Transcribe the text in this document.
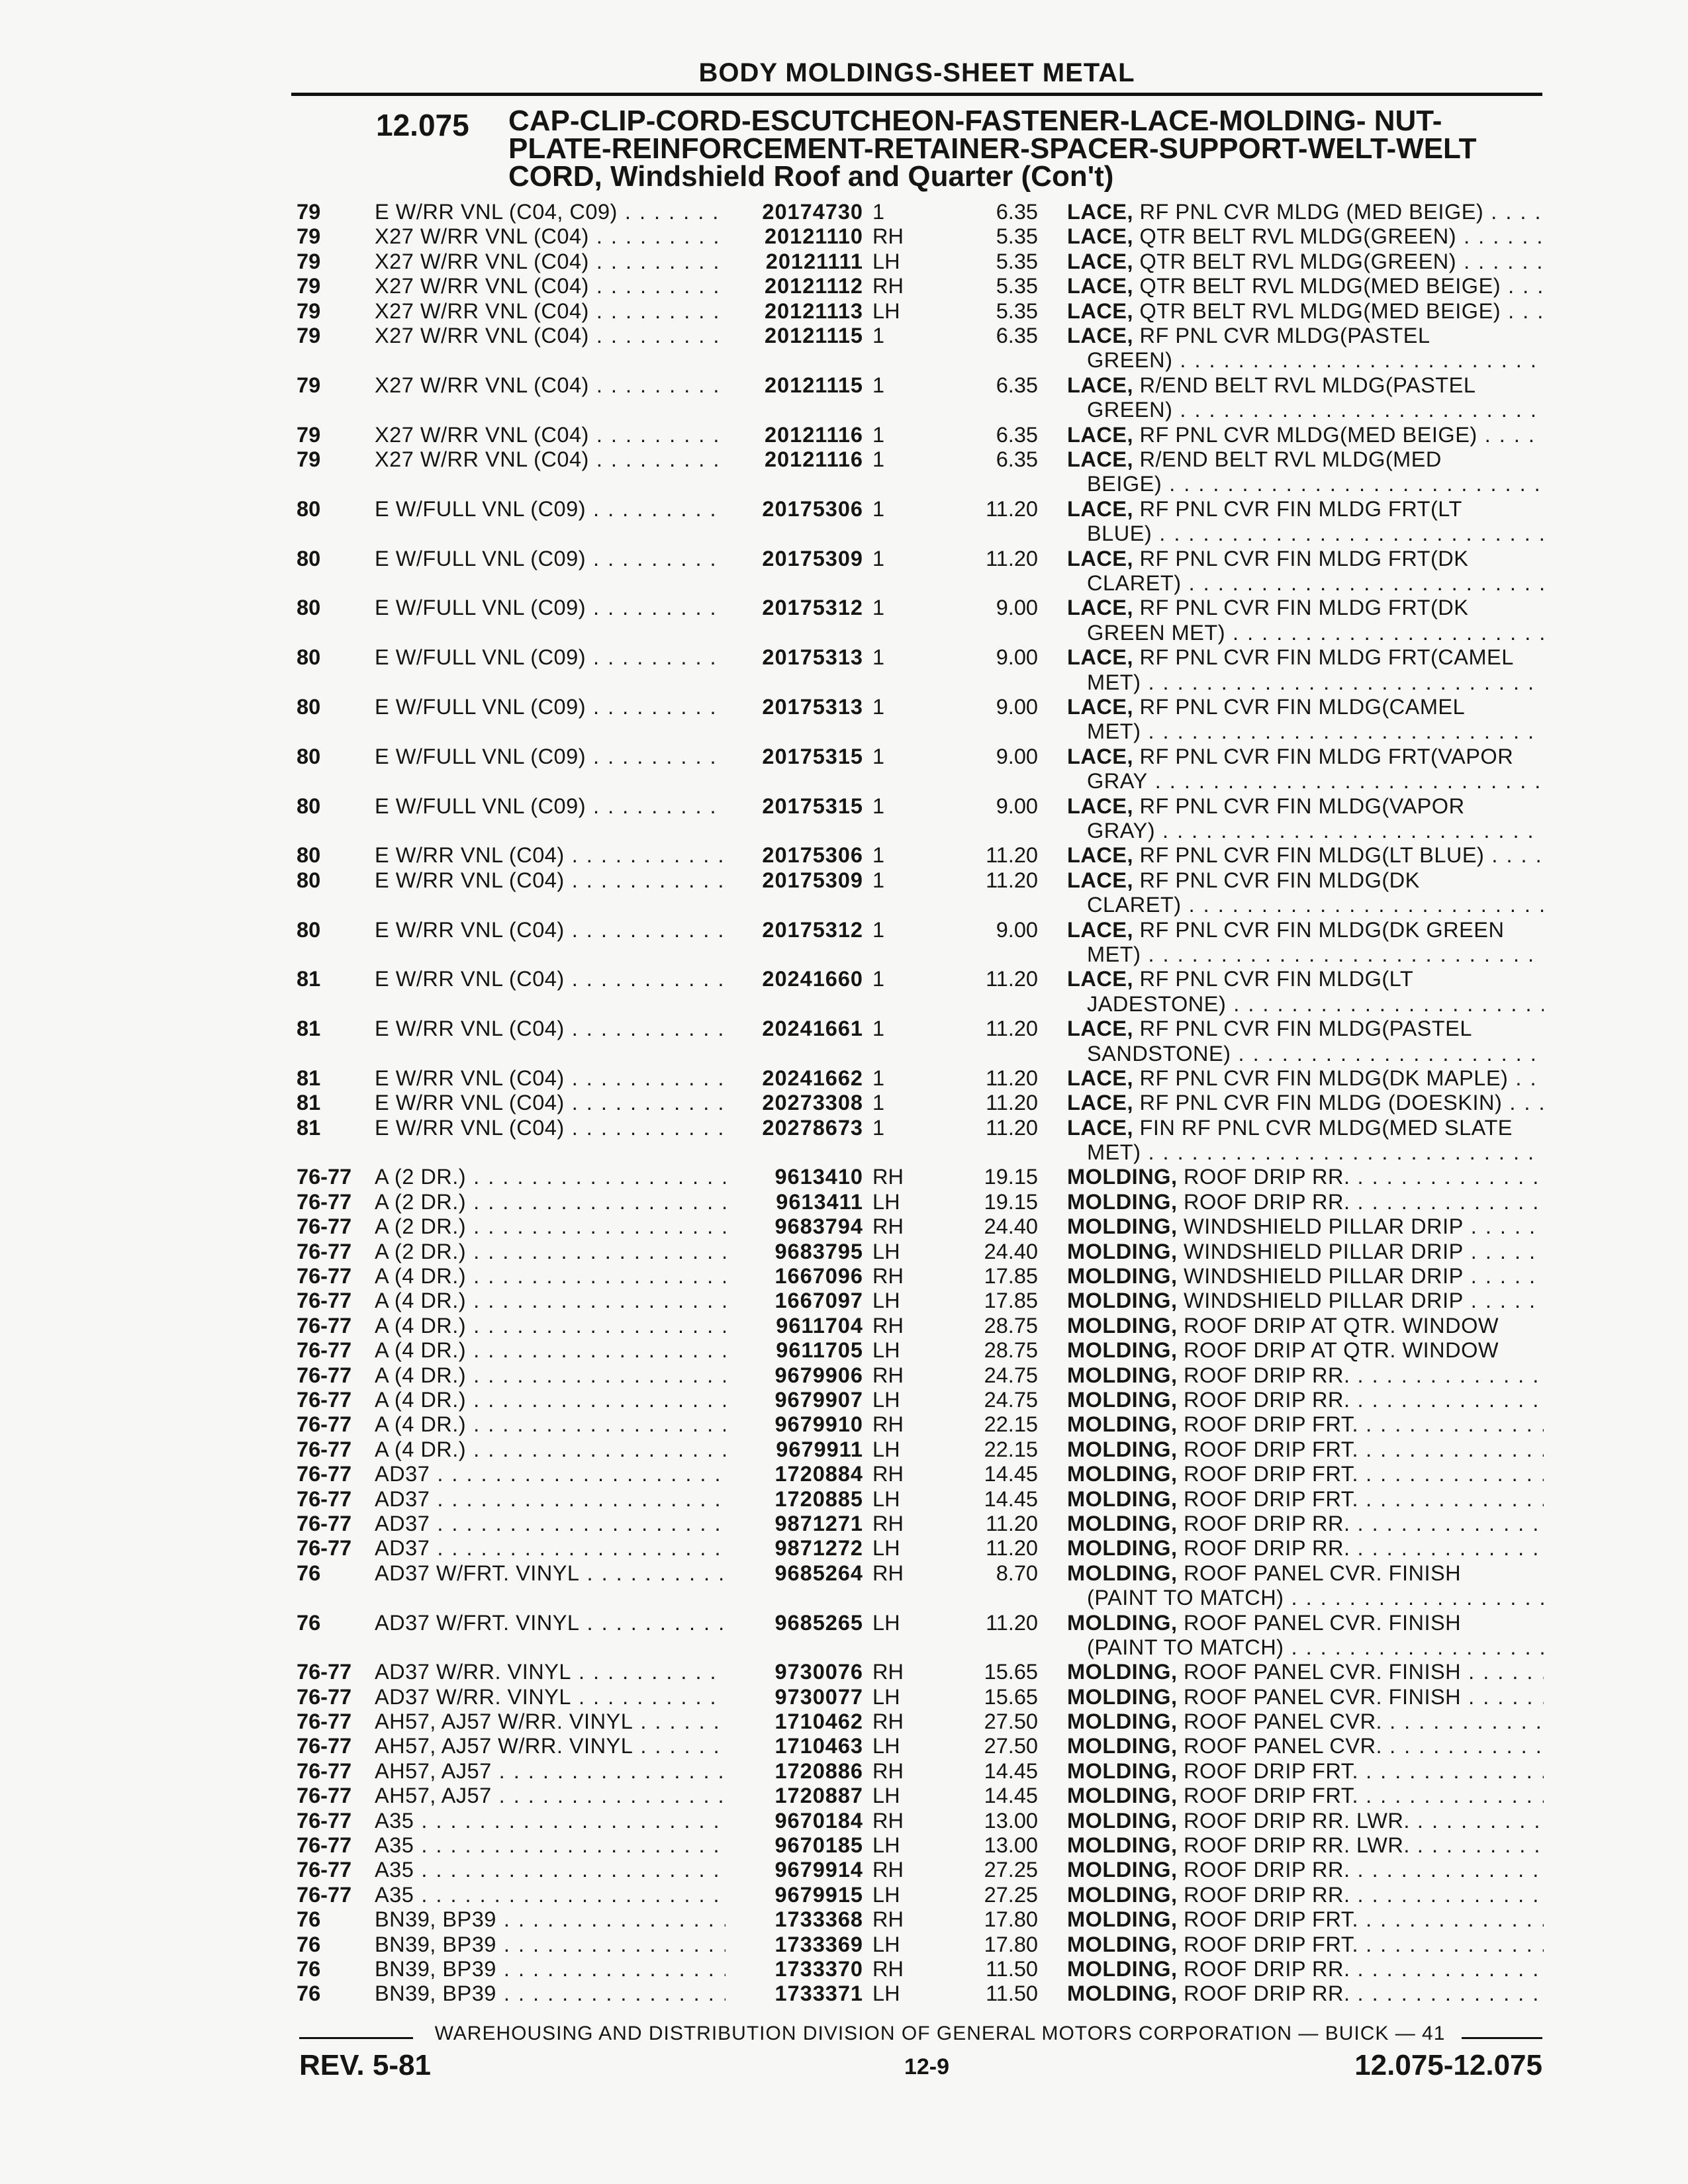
BODY MOLDINGS-SHEET METAL
12.075 CAP-CLIP-CORD-ESCUTCHEON-FASTENER-LACE-MOLDING- NUT-
PLATE-REINFORCEMENT-RETAINER-SPACER-SUPPORT-WELT-WELT
CORD, Windshield Roof and Quarter (Con't)
79	E W/RR VNL (C04, C09) . . .	20174730 1	6.35 LACE, RF PNL CVR MLDG (MED BEIGE) . . .
79	X27 W/RR VNL (C04) . . .	20121110 RH	5.35 LACE, QTR BELT RVL MLDG(GREEN) . . .
79	X27 W/RR VNL (C04) . . .	20121111 LH	5.35 LACE, QTR BELT RVL MLDG(GREEN) . . .
79	X27 W/RR VNL (C04) . . .	20121112 RH	5.35 LACE, QTR BELT RVL MLDG(MED BEIGE) . . .
79	X27 W/RR VNL (C04) . . .	20121113 LH	5.35 LACE, QTR BELT RVL MLDG(MED BEIGE) . . .
79	X27 W/RR VNL (C04) . . .	20121115 1	6.35 LACE, RF PNL CVR MLDG(PASTEL
GREEN) . . .
79	X27 W/RR VNL (C04) . . .	20121115 1	6.35 LACE, R/END BELT RVL MLDG(PASTEL
GREEN) . . .
79	X27 W/RR VNL (C04) . . .	20121116 1	6.35 LACE, RF PNL CVR MLDG(MED BEIGE) . . .
79	X27 W/RR VNL (C04) . . .	20121116 1	6.35 LACE, R/END BELT RVL MLDG(MED
BEIGE) . . .
80	E W/FULL VNL (C09) . . .	20175306 1	11.20 LACE, RF PNL CVR FIN MLDG FRT(LT
BLUE) . . .
80	E W/FULL VNL (C09) . . .	20175309 1	11.20 LACE, RF PNL CVR FIN MLDG FRT(DK
CLARET) . . .
80	E W/FULL VNL (C09) . . .	20175312 1	9.00 LACE, RF PNL CVR FIN MLDG FRT(DK
GREEN MET) . . .
80	E W/FULL VNL (C09) . . .	20175313 1	9.00 LACE, RF PNL CVR FIN MLDG FRT(CAMEL
MET) . . .
80	E W/FULL VNL (C09) . . .	20175313 1	9.00 LACE, RF PNL CVR FIN MLDG(CAMEL
MET) . . .
80	E W/FULL VNL (C09) . . .	20175315 1	9.00 LACE, RF PNL CVR FIN MLDG FRT(VAPOR
GRAY . . .
80	E W/FULL VNL (C09) . . .	20175315 1	9.00 LACE, RF PNL CVR FIN MLDG(VAPOR
GRAY) . . .
80	E W/RR VNL (C04) . . .	20175306 1	11.20 LACE, RF PNL CVR FIN MLDG(LT BLUE) . . .
80	E W/RR VNL (C04) . . .	20175309 1	11.20 LACE, RF PNL CVR FIN MLDG(DK
CLARET) . . .
80	E W/RR VNL (C04) . . .	20175312 1	9.00 LACE, RF PNL CVR FIN MLDG(DK GREEN
MET) . . .
81	E W/RR VNL (C04) . . .	20241660 1	11.20 LACE, RF PNL CVR FIN MLDG(LT
JADESTONE) . . .
81	E W/RR VNL (C04) . . .	20241661 1	11.20 LACE, RF PNL CVR FIN MLDG(PASTEL
SANDSTONE) . . .
81	E W/RR VNL (C04) . . .	20241662 1	11.20 LACE, RF PNL CVR FIN MLDG(DK MAPLE) . . .
81	E W/RR VNL (C04) . . .	20273308 1	11.20 LACE, RF PNL CVR FIN MLDG (DOESKIN) . . .
81	E W/RR VNL (C04) . . .	20278673 1	11.20 LACE, FIN RF PNL CVR MLDG(MED SLATE
MET) . . .
76-77 A (2 DR.) . . .	9613410 RH	19.15 MOLDING, ROOF DRIP RR. . . .
76-77 A (2 DR.) . . .	9613411 LH	19.15 MOLDING, ROOF DRIP RR. . . .
76-77 A (2 DR.) . . .	9683794 RH	24.40 MOLDING, WINDSHIELD PILLAR DRIP . . .
76-77 A (2 DR.) . . .	9683795 LH	24.40 MOLDING, WINDSHIELD PILLAR DRIP . . .
76-77 A (4 DR.) . . .	1667096 RH	17.85 MOLDING, WINDSHIELD PILLAR DRIP . . .
76-77 A (4 DR.) . . .	1667097 LH	17.85 MOLDING, WINDSHIELD PILLAR DRIP . . .
76-77 A (4 DR.) . . .	9611704 RH	28.75 MOLDING, ROOF DRIP AT QTR. WINDOW
76-77 A (4 DR.) . . .	9611705 LH	28.75 MOLDING, ROOF DRIP AT QTR. WINDOW
76-77 A (4 DR.) . . .	9679906 RH	24.75 MOLDING, ROOF DRIP RR. . . .
76-77 A (4 DR.) . . .	9679907 LH	24.75 MOLDING, ROOF DRIP RR. . . .
76-77 A (4 DR.) . . .	9679910 RH	22.15 MOLDING, ROOF DRIP FRT. . . .
76-77 A (4 DR.) . . .	9679911 LH	22.15 MOLDING, ROOF DRIP FRT. . . .
76-77 AD37 . . .	1720884 RH	14.45 MOLDING, ROOF DRIP FRT. . . .
76-77 AD37 . . .	1720885 LH	14.45 MOLDING, ROOF DRIP FRT. . . .
76-77 AD37 . . .	9871271 RH	11.20 MOLDING, ROOF DRIP RR. . . .
76-77 AD37 . . .	9871272 LH	11.20 MOLDING, ROOF DRIP RR. . . .
76	AD37 W/FRT. VINYL . . .	9685264 RH	8.70 MOLDING, ROOF PANEL CVR. FINISH
(PAINT TO MATCH) . . .
76	AD37 W/FRT. VINYL . . .	9685265 LH	11.20 MOLDING, ROOF PANEL CVR. FINISH
(PAINT TO MATCH) . . .
76-77 AD37 W/RR. VINYL . . .	9730076 RH	15.65 MOLDING, ROOF PANEL CVR. FINISH . . .
76-77 AD37 W/RR. VINYL . . .	9730077 LH	15.65 MOLDING, ROOF PANEL CVR. FINISH . . .
76-77 AH57, AJ57 W/RR. VINYL . . .	1710462 RH	27.50 MOLDING, ROOF PANEL CVR. . . .
76-77 AH57, AJ57 W/RR. VINYL . . .	1710463 LH	27.50 MOLDING, ROOF PANEL CVR. . . .
76-77 AH57, AJ57 . . .	1720886 RH	14.45 MOLDING, ROOF DRIP FRT. . . .
76-77 AH57, AJ57 . . .	1720887 LH	14.45 MOLDING, ROOF DRIP FRT. . . .
76-77 A35 . . .	9670184 RH	13.00 MOLDING, ROOF DRIP RR. LWR. . . .
76-77 A35 . . .	9670185 LH	13.00 MOLDING, ROOF DRIP RR. LWR. . . .
76-77 A35 . . .	9679914 RH	27.25 MOLDING, ROOF DRIP RR. . . .
76-77 A35 . . .	9679915 LH	27.25 MOLDING, ROOF DRIP RR. . . .
76	BN39, BP39 . . .	1733368 RH	17.80 MOLDING, ROOF DRIP FRT. . . .
76	BN39, BP39 . . .	1733369 LH	17.80 MOLDING, ROOF DRIP FRT. . . .
76	BN39, BP39 . . .	1733370 RH	11.50 MOLDING, ROOF DRIP RR. . . .
76	BN39, BP39 . . .	1733371 LH	11.50 MOLDING, ROOF DRIP RR. . . .
WAREHOUSING AND DISTRIBUTION DIVISION OF GENERAL MOTORS CORPORATION — BUICK — 41
REV. 5-81	12-9	12.075-12.075
